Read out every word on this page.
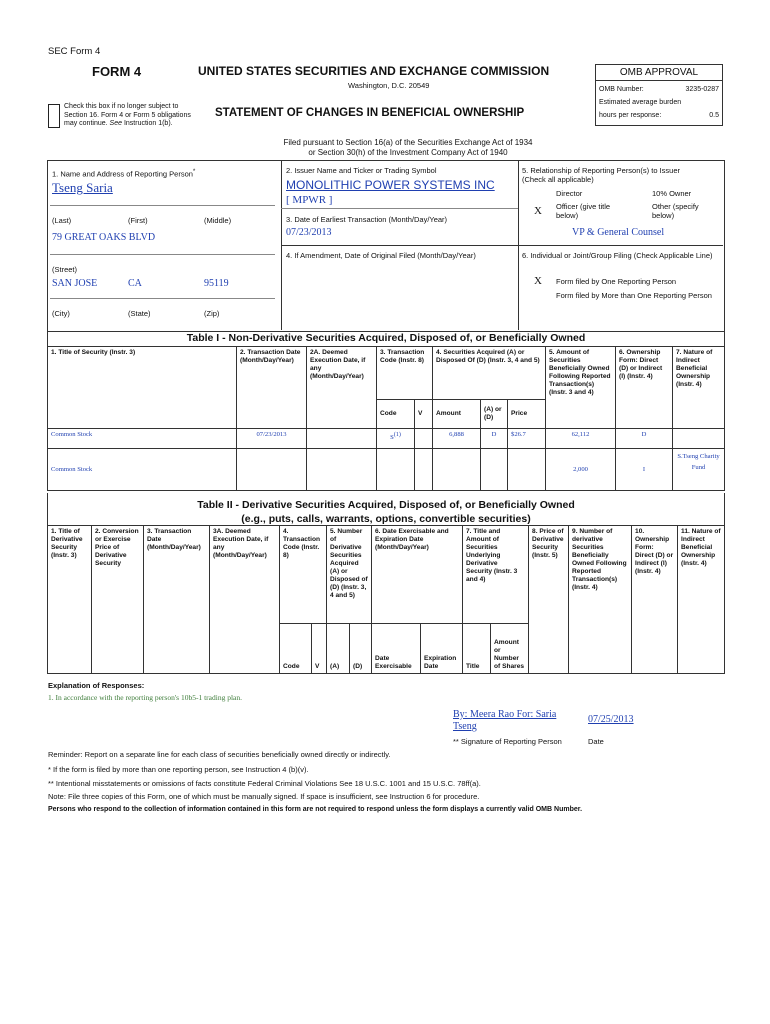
SEC Form 4
FORM 4	UNITED STATES SECURITIES AND EXCHANGE COMMISSION
Washington, D.C. 20549
Check this box if no longer subject to Section 16. Form 4 or Form 5 obligations may continue. See Instruction 1(b).
STATEMENT OF CHANGES IN BENEFICIAL OWNERSHIP
Filed pursuant to Section 16(a) of the Securities Exchange Act of 1934
or Section 30(h) of the Investment Company Act of 1940
OMB APPROVAL
OMB Number:	3235-0287
Estimated average burden
hours per response:	0.5
1. Name and Address of Reporting Person*
Tseng Saria
(Last)	(First)	(Middle)
79 GREAT OAKS BLVD
(Street)
SAN JOSE	CA	95119
(City)	(State)	(Zip)
2. Issuer Name and Ticker or Trading Symbol
MONOLITHIC POWER SYSTEMS INC
[ MPWR ]
3. Date of Earliest Transaction (Month/Day/Year)
07/23/2013
4. If Amendment, Date of Original Filed (Month/Day/Year)
5. Relationship of Reporting Person(s) to Issuer
(Check all applicable)
Director	10% Owner
X Officer (give title below)
Other (specify below)
VP & General Counsel
6. Individual or Joint/Group Filing (Check Applicable Line)
X Form filed by One Reporting Person
Form filed by More than One Reporting Person
Table I - Non-Derivative Securities Acquired, Disposed of, or Beneficially Owned
1. Title of Security (Instr. 3)	2. Transaction Date (Month/Day/Year)	2A. Deemed Execution Date, if any (Month/Day/Year)	3. Transaction Code (Instr. 8)		4. Securities Acquired (A) or Disposed Of (D) (Instr. 3, 4 and 5)			5. Amount of Securities Beneficially Owned Following Reported Transaction(s) (Instr. 3 and 4)	6. Ownership Form: Direct (D) or Indirect (I) (Instr. 4)	7. Nature of Indirect Beneficial Ownership (Instr. 4)
			Code	V	Amount	(A) or (D)	Price			
Common Stock	07/23/2013		$S^{(1)}$		6,888	D	$26.7	62,112	D	
Common Stock								2,000	I	S.Tseng Charity Fund
Table II - Derivative Securities Acquired, Disposed of, or Beneficially Owned
(e.g., puts, calls, warrants, options, convertible securities)
1. Title of Derivative Security (Instr. 3)	2. Conversion or Exercise Price of Derivative Security	3. Transaction Date (Month/Day/Year)	3A. Deemed Execution Date, if any (Month/Day/Year)	4. Transaction Code (Instr. 8)		5. Number of Derivative Securities Acquired (A) or Disposed of (D) (Instr. 3, 4 and 5)		6. Date Exercisable and Expiration Date (Month/Day/Year)		7. Title and Amount of Securities Underlying Derivative Security (Instr. 3 and 4)		8. Price of Derivative Security (Instr. 5)	9. Number of derivative Securities Beneficially Owned Following Reported Transaction(s) (Instr. 4)	10. Ownership Form: Direct (D) or Indirect (I) (Instr. 4)	11. Nature of Indirect Beneficial Ownership (Instr. 4)
				Code	V	(A)	(D)	Date Exercisable	Expiration Date	Title	Amount or Number of Shares				
Explanation of Responses:
1. In accordance with the reporting person's 10b5-1 trading plan.
By: Meera Rao For: Saria Tseng
07/25/2013
** Signature of Reporting Person	Date
Reminder: Report on a separate line for each class of securities beneficially owned directly or indirectly.
* If the form is filed by more than one reporting person, see Instruction 4 (b)(v).
** Intentional misstatements or omissions of facts constitute Federal Criminal Violations See 18 U.S.C. 1001 and 15 U.S.C. 78ff(a).
Note: File three copies of this Form, one of which must be manually signed. If space is insufficient, see Instruction 6 for procedure.
Persons who respond to the collection of information contained in this form are not required to respond unless the form displays a currently valid OMB Number.
